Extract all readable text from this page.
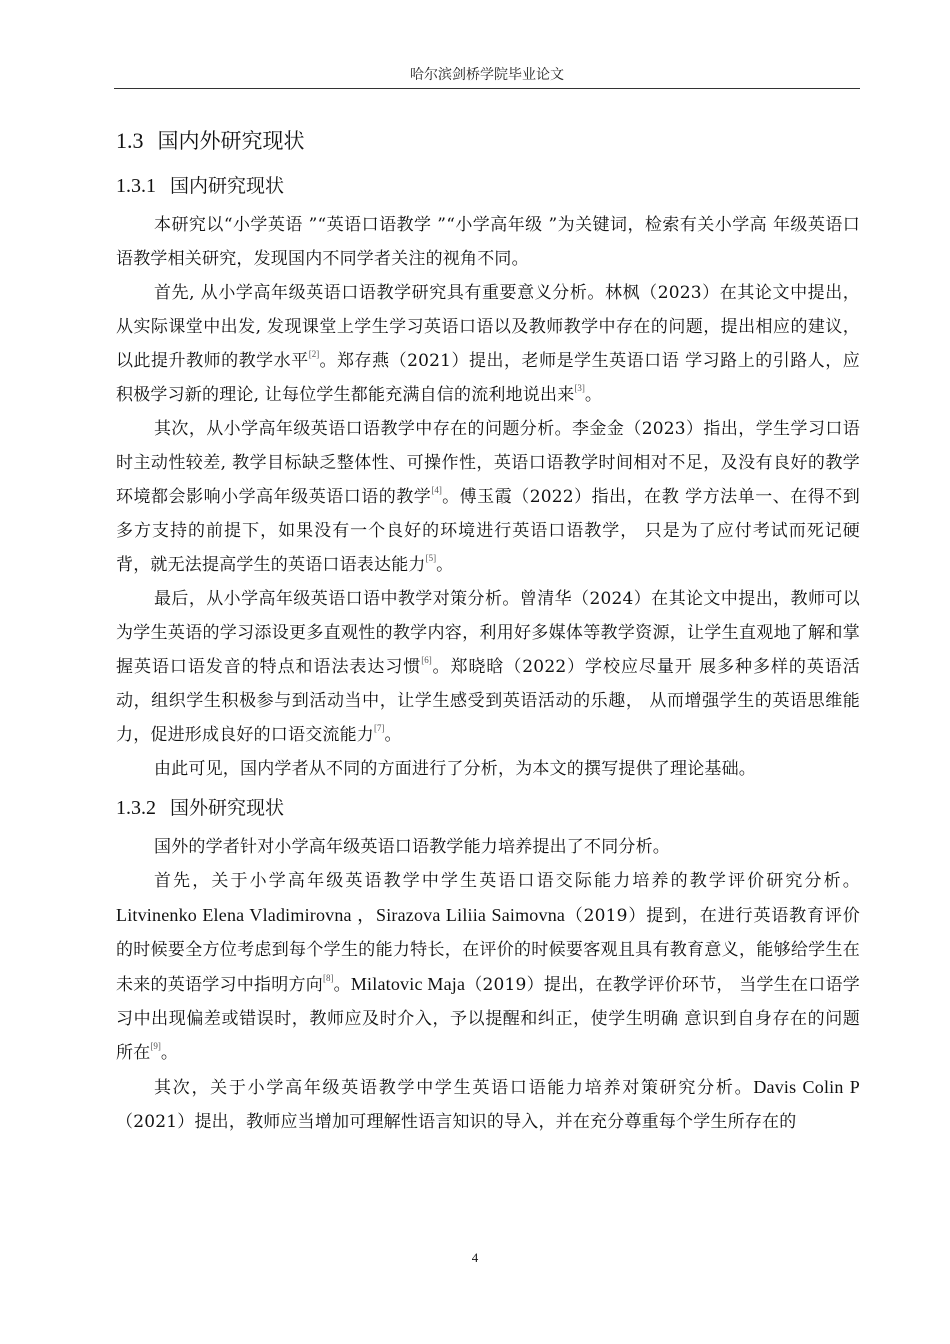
哈尔滨剑桥学院毕业论文
1.3 国内外研究现状
1.3.1 国内研究现状

本研究以“小学英语 ”“英语口语教学 ”“小学高年级 ”为关键词，检索有关小学高 年级英语口语教学相关研究，发现国内不同学者关注的视角不同。

首先, 从小学高年级英语口语教学研究具有重要意义分析。林枫（2023）在其论文中提出，从实际课堂中出发, 发现课堂上学生学习英语口语以及教师教学中存在的问题，提出相应的建议，以此提升教师的教学水平[2]。郑存燕（2021）提出，老师是学生英语口语 学习路上的引路人，应积极学习新的理论, 让每位学生都能充满自信的流利地说出来[3]。

其次，从小学高年级英语口语教学中存在的问题分析。李金金（2023）指出，学生学习口语时主动性较差, 教学目标缺乏整体性、可操作性，英语口语教学时间相对不足，及没有良好的教学环境都会影响小学高年级英语口语的教学[4]。傅玉霞（2022）指出，在教 学方法单一、在得不到多方支持的前提下，如果没有一个良好的环境进行英语口语教学， 只是为了应付考试而死记硬背，就无法提高学生的英语口语表达能力[5]。

最后，从小学高年级英语口语中教学对策分析。曾清华（2024）在其论文中提出，教师可以为学生英语的学习添设更多直观性的教学内容，利用好多媒体等教学资源，让学生直观地了解和掌握英语口语发音的特点和语法表达习惯[6]。郑晓晗（2022）学校应尽量开 展多种多样的英语活动，组织学生积极参与到活动当中，让学生感受到英语活动的乐趣， 从而增强学生的英语思维能力，促进形成良好的口语交流能力[7]。

由此可见，国内学者从不同的方面进行了分析，为本文的撰写提供了理论基础。

1.3.2 国外研究现状

国外的学者针对小学高年级英语口语教学能力培养提出了不同分析。

首先，关于小学高年级英语教学中学生英语口语交际能力培养的教学评价研究分析。Litvinenko Elena Vladimirovna ，Sirazova Liliia Saimovna（2019）提到，在进行英语教育评价的时候要全方位考虑到每个学生的能力特长，在评价的时候要客观且具有教育意义，能够给学生在未来的英语学习中指明方向[8]。Milatovic Maja（2019）提出，在教学评价环节， 当学生在口语学习中出现偏差或错误时，教师应及时介入，予以提醒和纠正，使学生明确 意识到自身存在的问题所在[9]。

其次，关于小学高年级英语教学中学生英语口语能力培养对策研究分析。Davis Colin P（2021）提出，教师应当增加可理解性语言知识的导入，并在充分尊重每个学生所存在的

4
